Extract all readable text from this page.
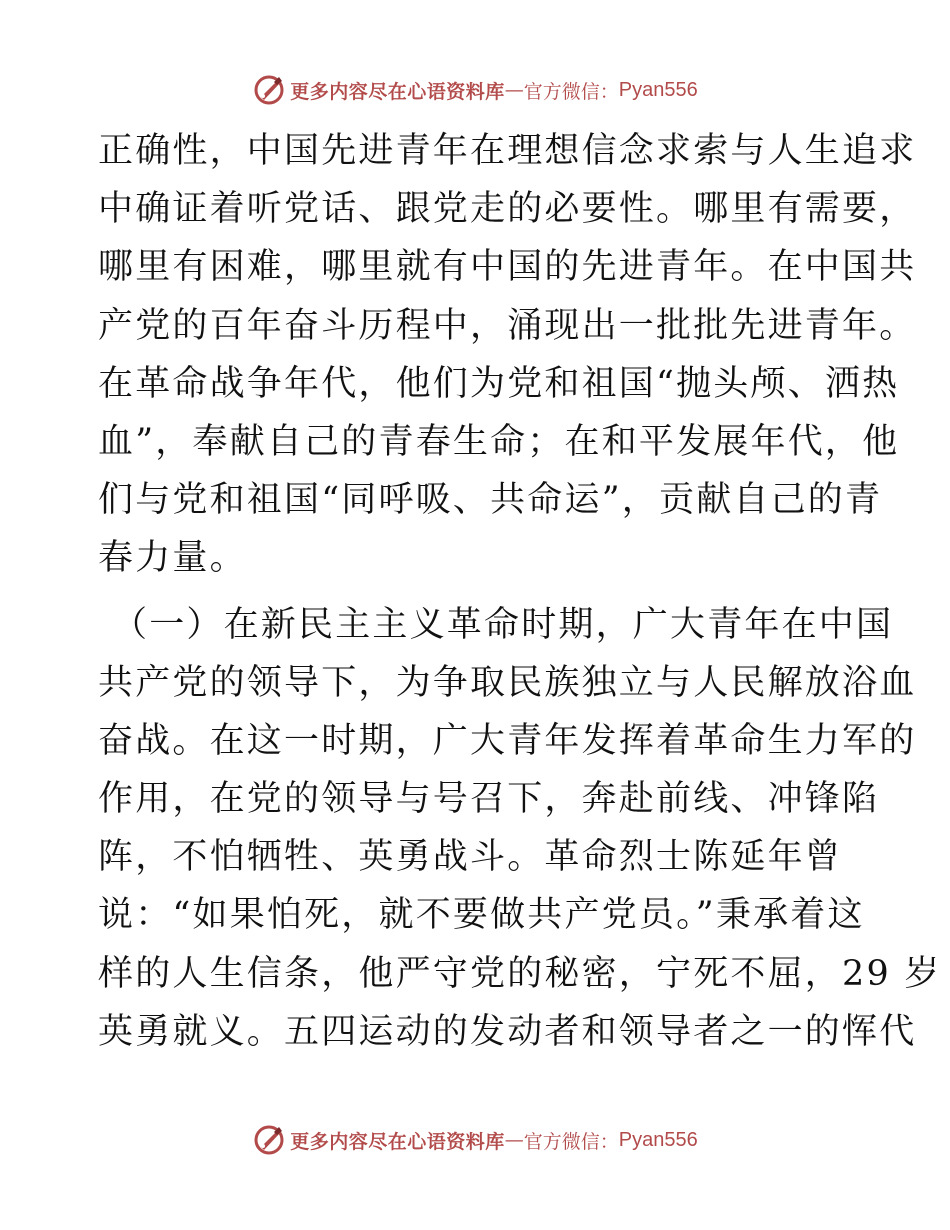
更多内容尽在心语资料库 — 官方微信： Pyan556
正确性，中国先进青年在理想信念求索与人生追求
中确证着听党话、跟党走的必要性。哪里有需要，
哪里有困难，哪里就有中国的先进青年。在中国共
产党的百年奋斗历程中，涌现出一批批先进青年。
在革命战争年代，他们为党和祖国“抛头颅、洒热
血”，奉献自己的青春生命；在和平发展年代，他
们与党和祖国“同呼吸、共命运”，贡献自己的青
春力量。
（一）在新民主主义革命时期，广大青年在中国
共产党的领导下，为争取民族独立与人民解放浴血
奋战。在这一时期，广大青年发挥着革命生力军的
作用，在党的领导与号召下，奔赴前线、冲锋陷
阵，不怕牺牲、英勇战斗。革命烈士陈延年曾
说：“如果怕死，就不要做共产党员。”秉承着这
样的人生信条，他严守党的秘密，宁死不屈，29 岁
英勇就义。五四运动的发动者和领导者之一的恽代
更多内容尽在心语资料库 — 官方微信： Pyan556
